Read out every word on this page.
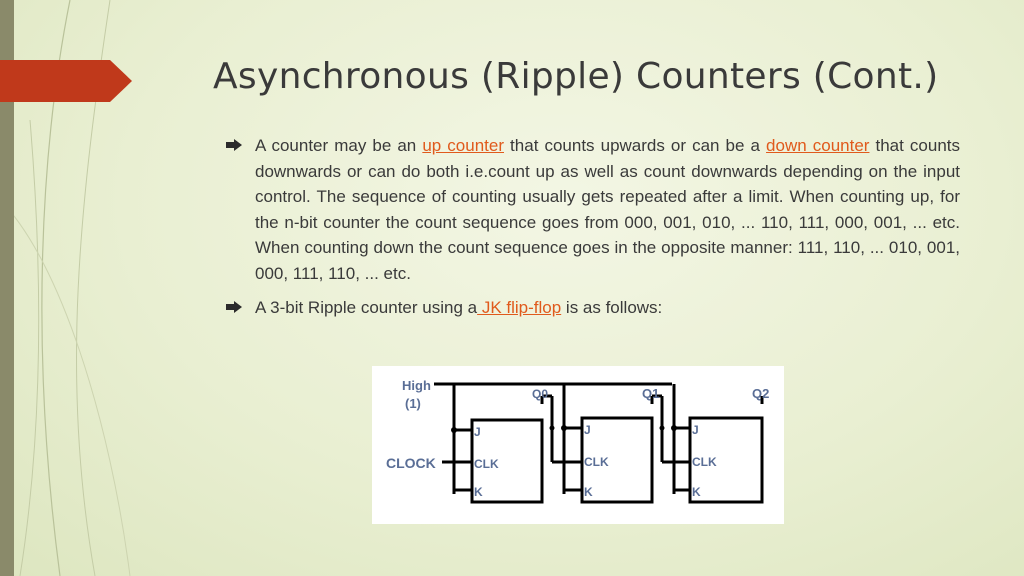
Asynchronous (Ripple) Counters (Cont.)
A counter may be an up counter that counts upwards or can be a down counter that counts downwards or can do both i.e.count up as well as count downwards depending on the input control. The sequence of counting usually gets repeated after a limit. When counting up, for the n-bit counter the count sequence goes from 000, 001, 010, ... 110, 111, 000, 001, ... etc. When counting down the count sequence goes in the opposite manner: 111, 110, ... 010, 001, 000, 111, 110, ... etc.
A 3-bit Ripple counter using a JK flip-flop is as follows:
High
(1)
CLOCK
Q0	Q1	Q2
J
CLK
K
J
CLK
K
J
CLK
K
